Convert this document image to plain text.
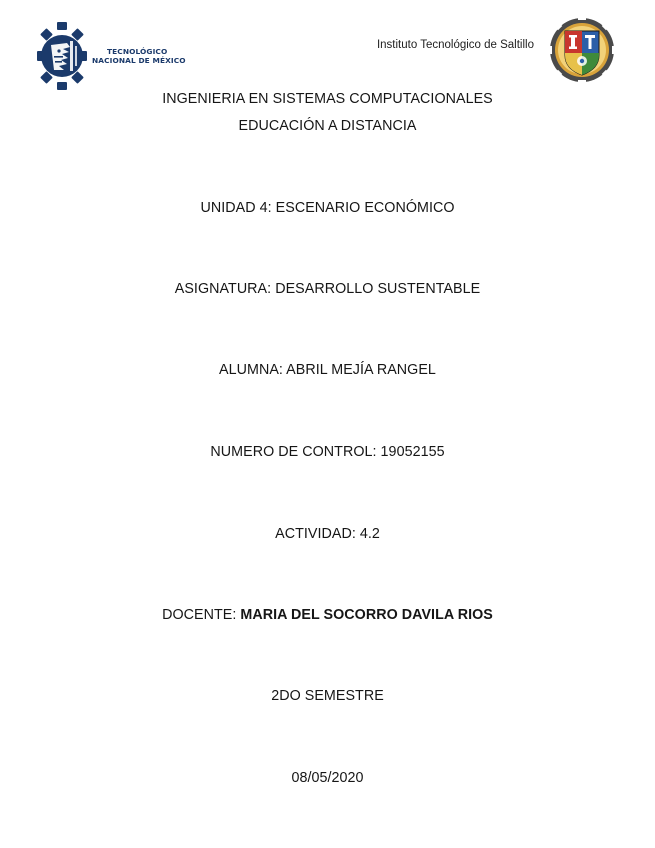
TECNOLÓGICO
NACIONAL DE MÉXICO
Instituto Tecnológico de Saltillo
INGENIERIA EN SISTEMAS COMPUTACIONALES
EDUCACIÓN A DISTANCIA
UNIDAD 4: ESCENARIO ECONÓMICO
ASIGNATURA: DESARROLLO SUSTENTABLE
ALUMNA: ABRIL MEJÍA RANGEL
NUMERO DE CONTROL: 19052155
ACTIVIDAD: 4.2
DOCENTE: MARIA DEL SOCORRO DAVILA RIOS
2DO SEMESTRE
08/05/2020
